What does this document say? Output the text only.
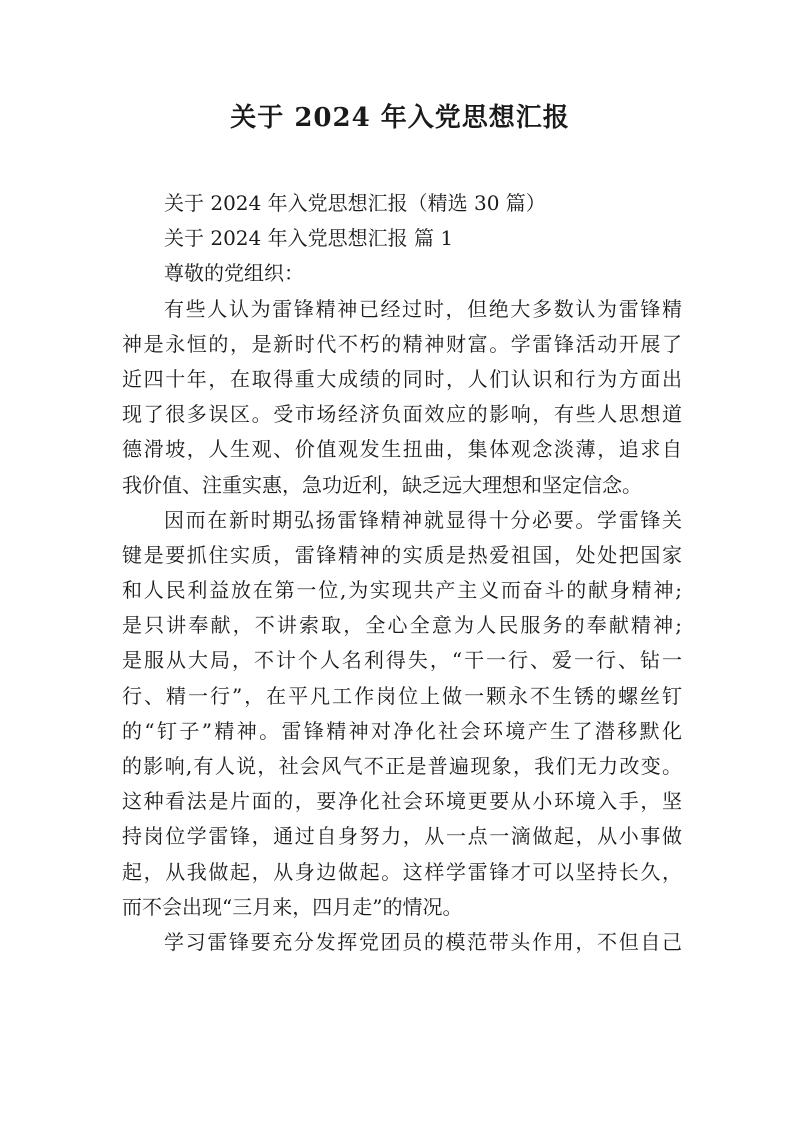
关于 2024 年入党思想汇报
关于 2024 年入党思想汇报（精选 30 篇）
关于 2024 年入党思想汇报 篇 1
尊敬的党组织：
有些人认为雷锋精神已经过时，但绝大多数认为雷锋精
神是永恒的，是新时代不朽的精神财富。学雷锋活动开展了
近四十年，在取得重大成绩的同时，人们认识和行为方面出
现了很多误区。受市场经济负面效应的影响，有些人思想道
德滑坡，人生观、价值观发生扭曲，集体观念淡薄，追求自
我价值、注重实惠，急功近利，缺乏远大理想和坚定信念。
因而在新时期弘扬雷锋精神就显得十分必要。学雷锋关
键是要抓住实质，雷锋精神的实质是热爱祖国，处处把国家
和人民利益放在第一位,为实现共产主义而奋斗的献身精神;
是只讲奉献，不讲索取，全心全意为人民服务的奉献精神;
是服从大局，不计个人名利得失，“干一行、爱一行、钻一
行、精一行”，在平凡工作岗位上做一颗永不生锈的螺丝钉
的“钉子”精神。雷锋精神对净化社会环境产生了潜移默化
的影响,有人说，社会风气不正是普遍现象，我们无力改变。
这种看法是片面的，要净化社会环境更要从小环境入手，坚
持岗位学雷锋，通过自身努力，从一点一滴做起，从小事做
起，从我做起，从身边做起。这样学雷锋才可以坚持长久，
而不会出现“三月来，四月走”的情况。
学习雷锋要充分发挥党团员的模范带头作用，不但自己
